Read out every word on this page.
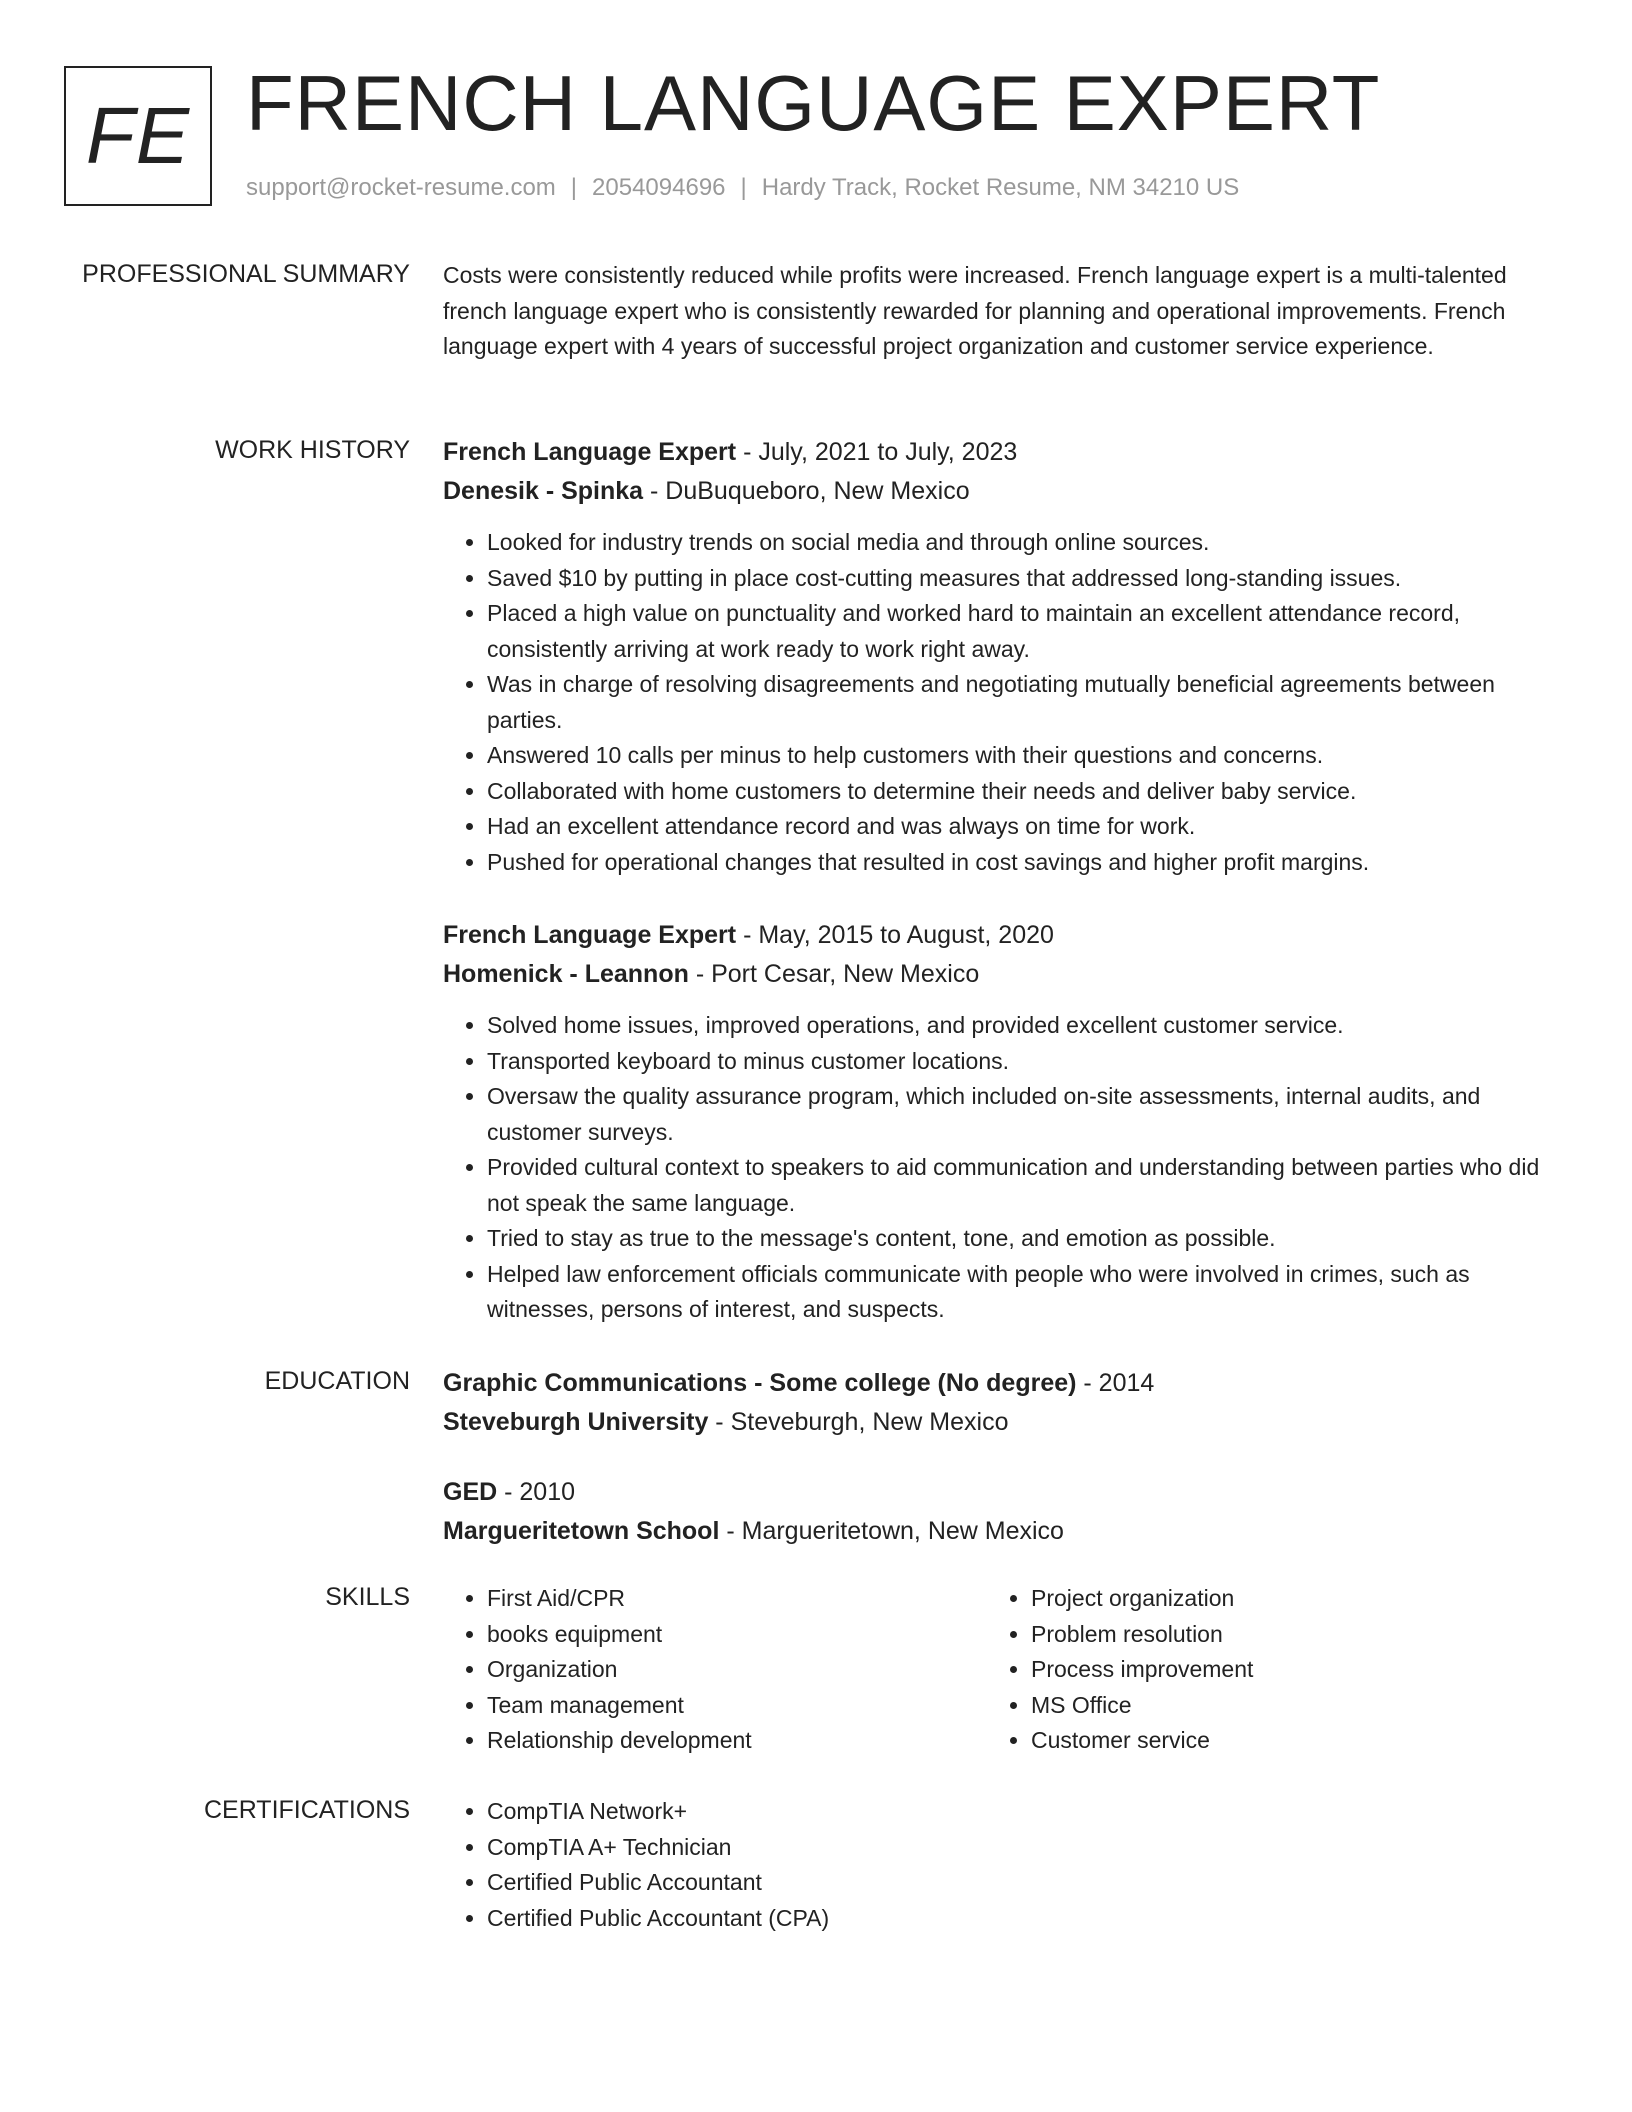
FE FRENCH LANGUAGE EXPERT
support@rocket-resume.com | 2054094696 | Hardy Track, Rocket Resume, NM 34210 US
PROFESSIONAL SUMMARY Costs were consistently reduced while profits were increased. French language expert is a multi-talented french language expert who is consistently rewarded for planning and operational improvements. French language expert with 4 years of successful project organization and customer service experience.

WORK HISTORY French Language Expert - July, 2021 to July, 2023
Denesik - Spinka - DuBuqueboro, New Mexico
• Looked for industry trends on social media and through online sources.
• Saved $10 by putting in place cost-cutting measures that addressed long-standing issues.
• Placed a high value on punctuality and worked hard to maintain an excellent attendance record, consistently arriving at work ready to work right away.
• Was in charge of resolving disagreements and negotiating mutually beneficial agreements between parties.
• Answered 10 calls per minus to help customers with their questions and concerns.
• Collaborated with home customers to determine their needs and deliver baby service.
• Had an excellent attendance record and was always on time for work.
• Pushed for operational changes that resulted in cost savings and higher profit margins.
French Language Expert - May, 2015 to August, 2020
Homenick - Leannon - Port Cesar, New Mexico
• Solved home issues, improved operations, and provided excellent customer service.
• Transported keyboard to minus customer locations.
• Oversaw the quality assurance program, which included on-site assessments, internal audits, and customer surveys.
• Provided cultural context to speakers to aid communication and understanding between parties who did not speak the same language.
• Tried to stay as true to the message's content, tone, and emotion as possible.
• Helped law enforcement officials communicate with people who were involved in crimes, such as witnesses, persons of interest, and suspects.
EDUCATION Graphic Communications - Some college (No degree) - 2014
Steveburgh University - Steveburgh, New Mexico
GED - 2010
Margueritetown School - Margueritetown, New Mexico
SKILLS	• First Aid/CPR
• books equipment
• Organization
• Team management
• Relationship development
• Project organization
• Problem resolution
• Process improvement
• MS Office
• Customer service
CERTIFICATIONS	• CompTIA Network+
• CompTIA A+ Technician
• Certified Public Accountant
• Certified Public Accountant (CPA)
